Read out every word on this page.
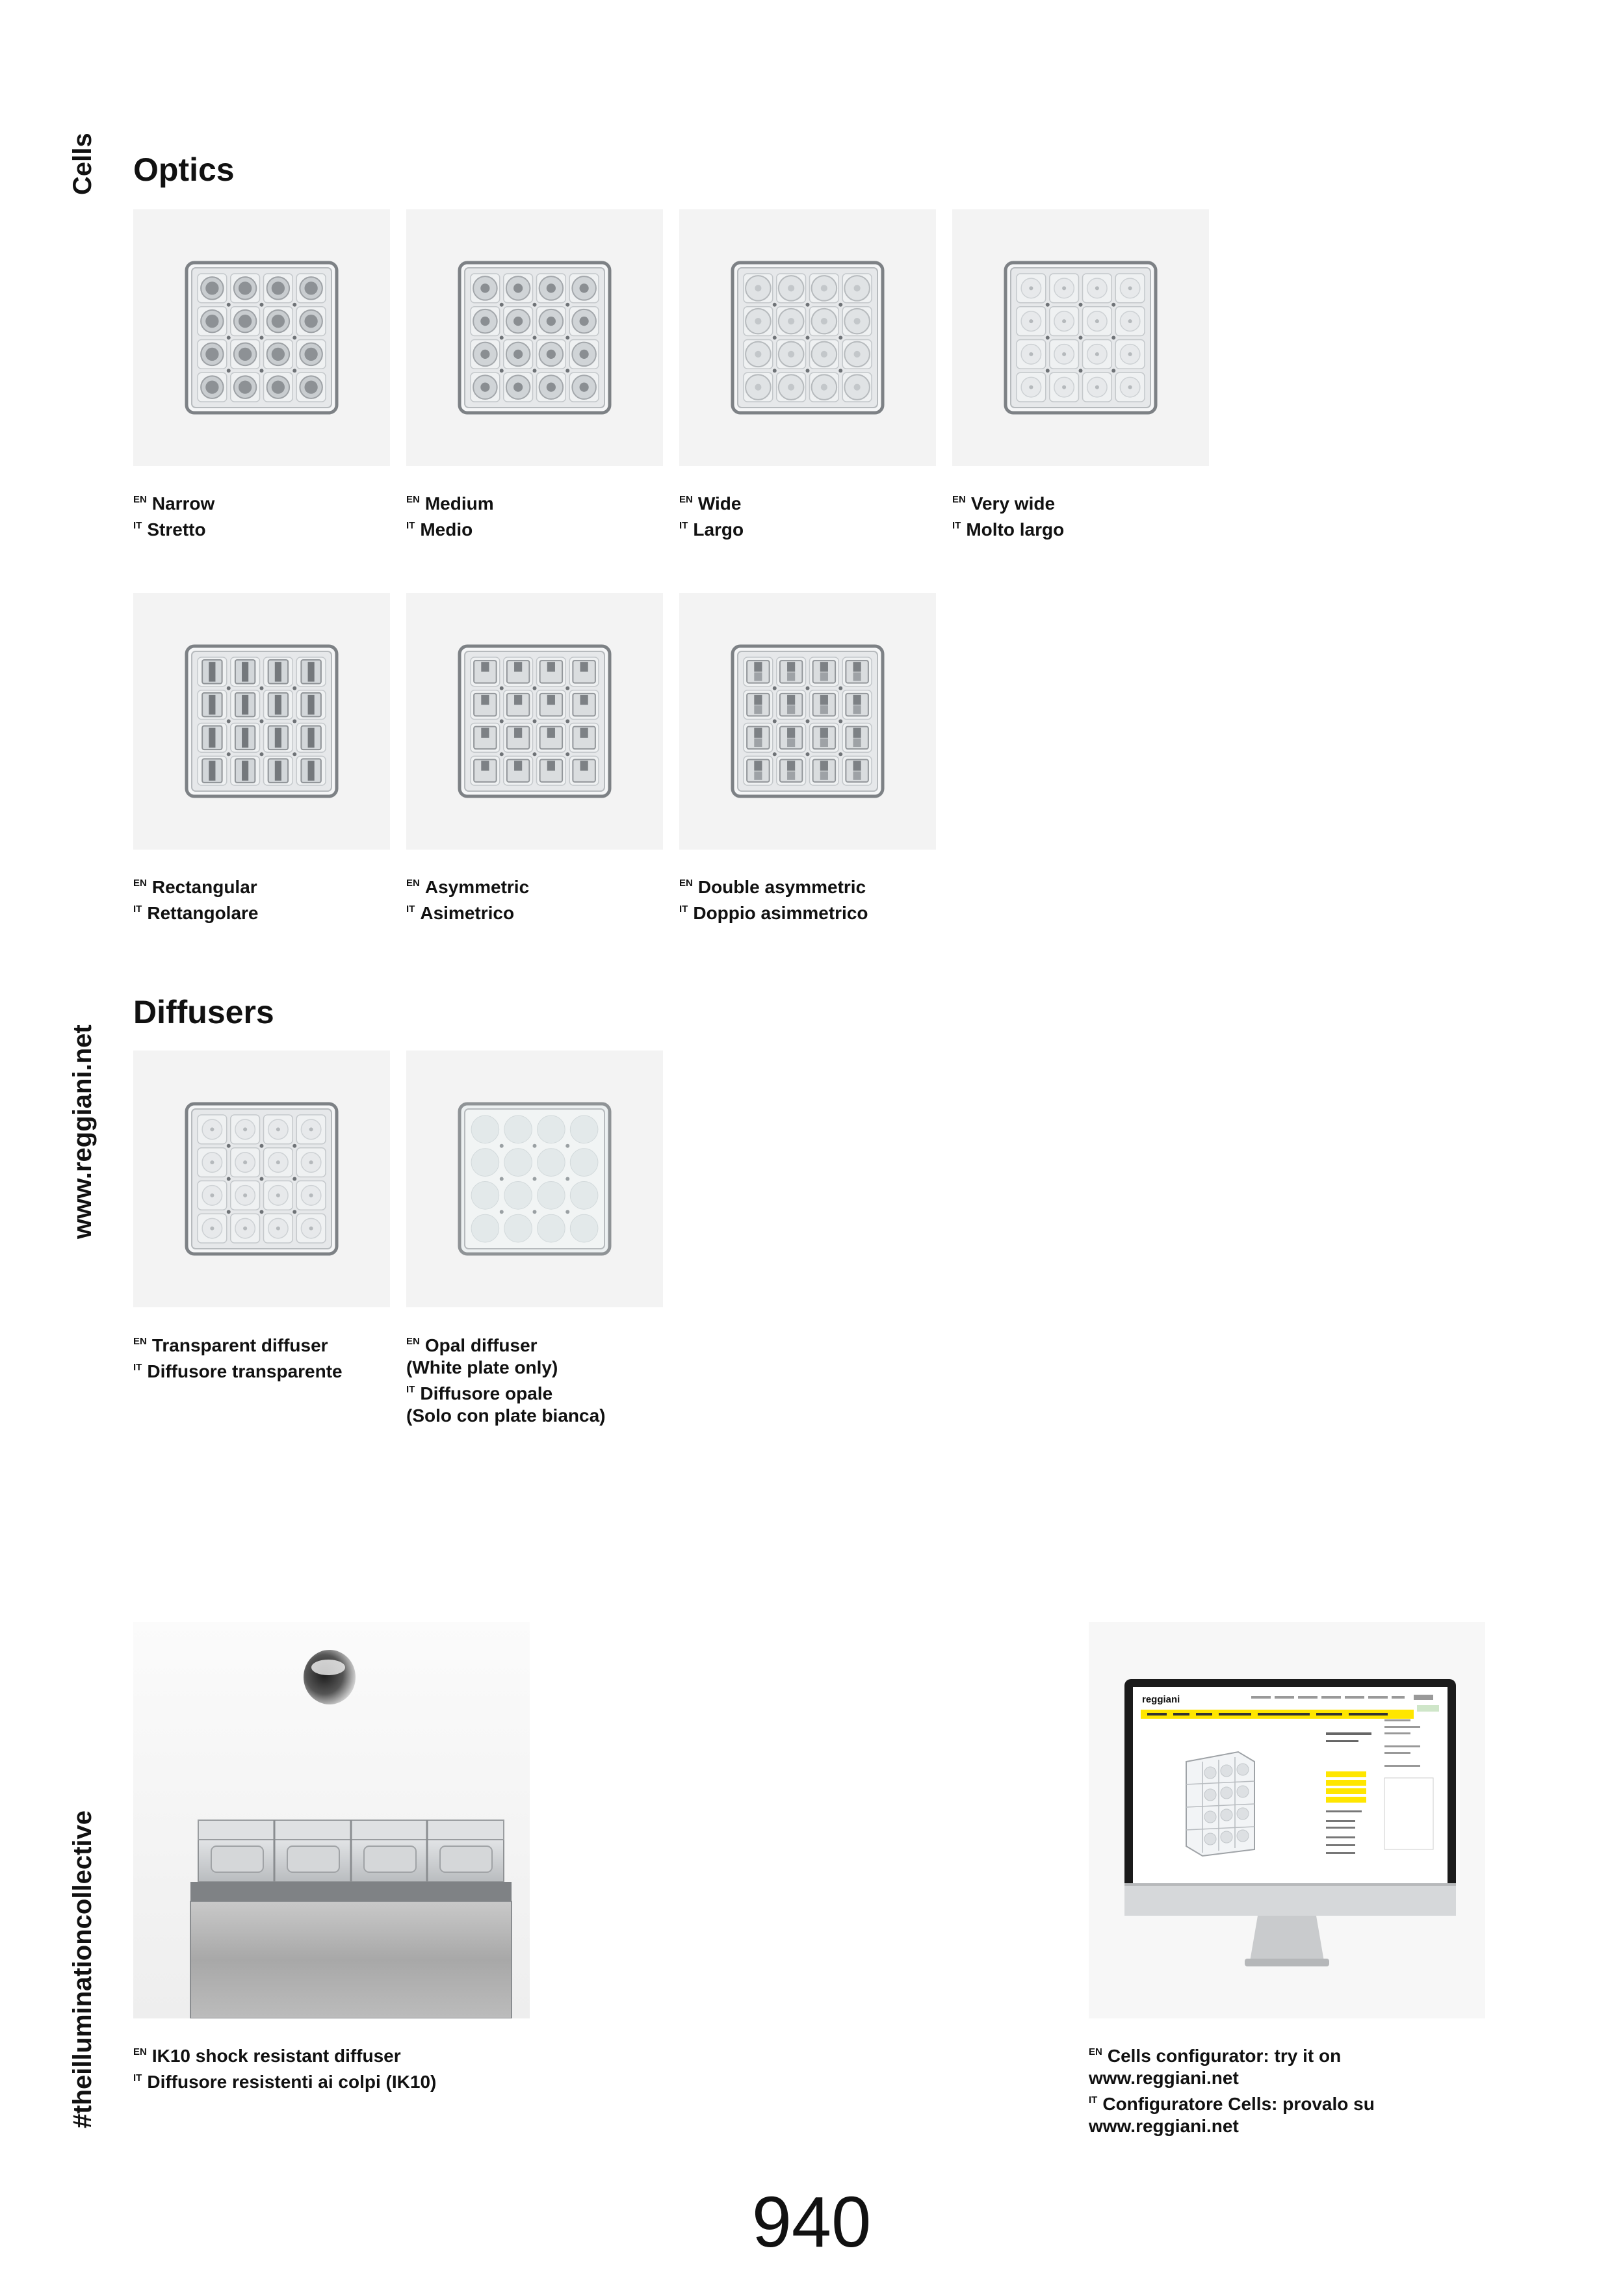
Cells
www.reggiani.net
#theilluminationcollective
Optics
$^{EN}$ Narrow
$^{IT}$ Stretto
$^{EN}$ Medium
$^{IT}$ Medio
$^{EN}$ Wide
$^{IT}$ Largo
$^{EN}$ Very wide
$^{IT}$ Molto largo
$^{EN}$ Rectangular
$^{IT}$ Rettangolare
$^{EN}$ Asymmetric
$^{IT}$ Asimetrico
$^{EN}$ Double asymmetric
$^{IT}$ Doppio asimmetrico
Diffusers
$^{EN}$ Transparent diffuser
$^{IT}$ Diffusore transparente
$^{EN}$ Opal diffuser
(White plate only)
$^{IT}$ Diffusore opale
(Solo con plate bianca)
$^{EN}$ IK10 shock resistant diffuser
$^{IT}$ Diffusore resistenti ai colpi (IK10)
reggiani
$^{EN}$ Cells configurator: try it on
www.reggiani.net
$^{IT}$ Configuratore Cells: provalo su
www.reggiani.net
940
